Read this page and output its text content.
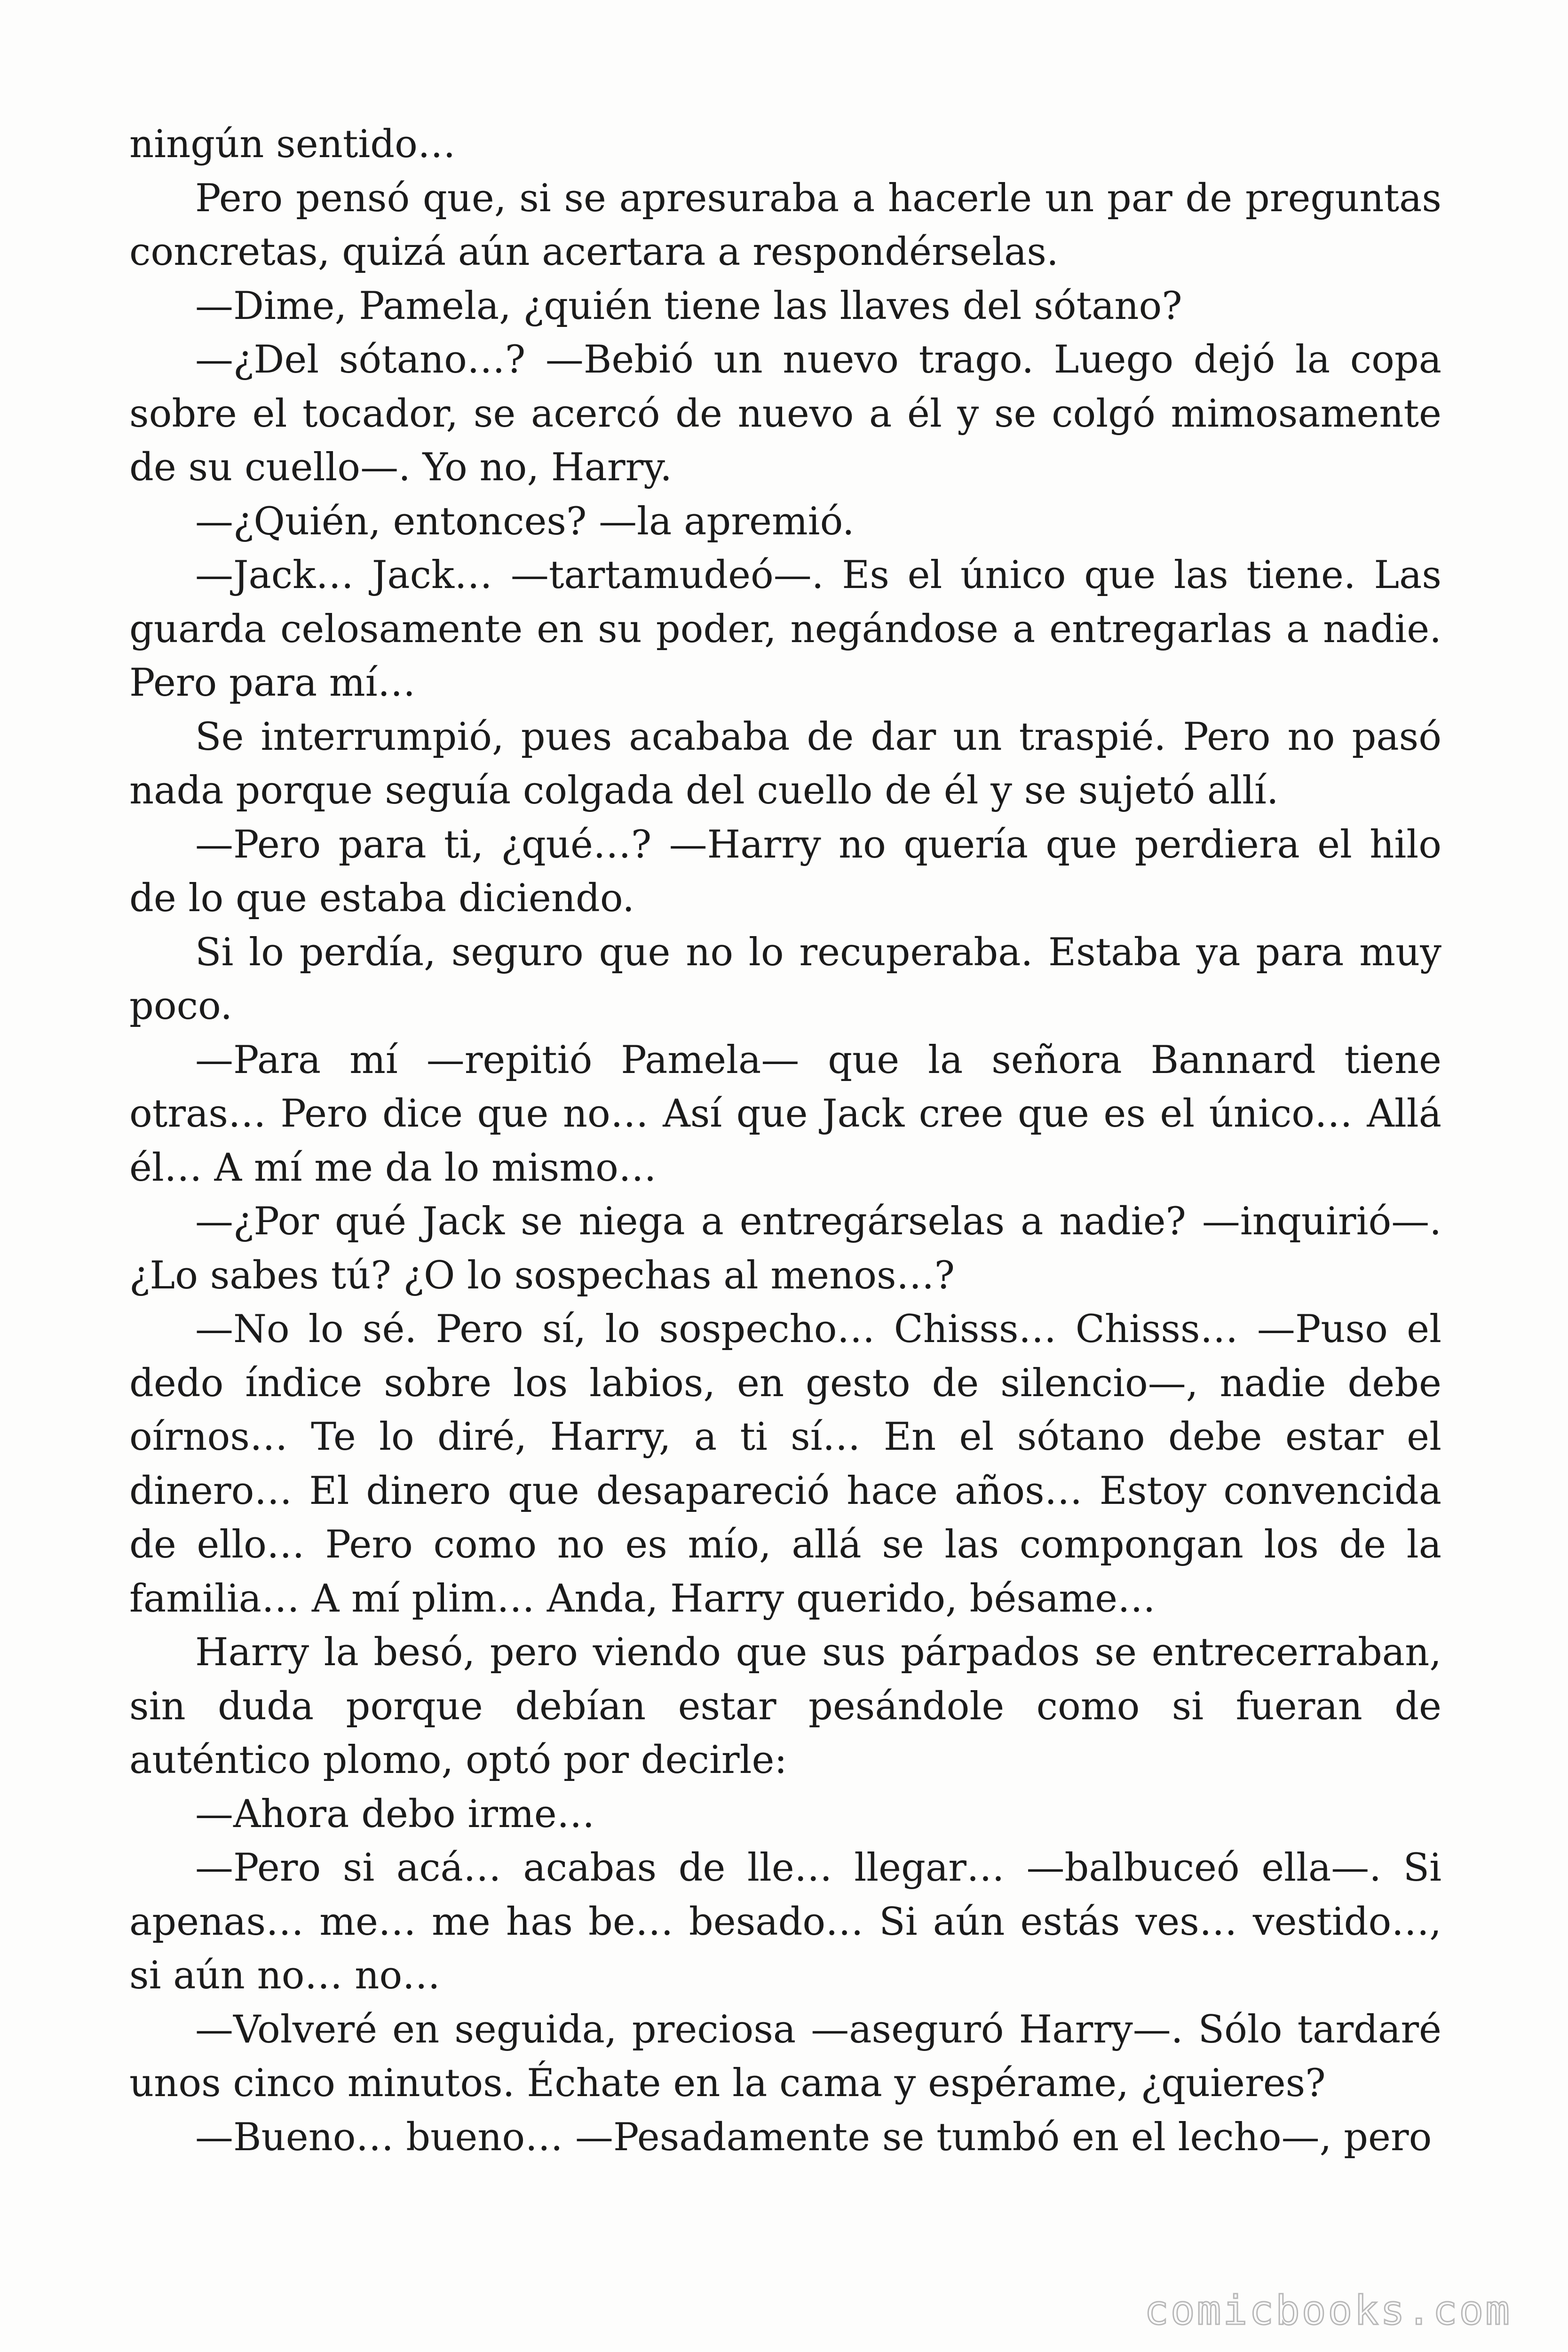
ningún sentido…

Pero pensó que, si se apresuraba a hacerle un par de preguntas concretas, quizá aún acertara a respondérselas.

—Dime, Pamela, ¿quién tiene las llaves del sótano?

—¿Del sótano…? —Bebió un nuevo trago. Luego dejó la copa sobre el tocador, se acercó de nuevo a él y se colgó mimosamente de su cuello—. Yo no, Harry.

—¿Quién, entonces? —la apremió.

—Jack… Jack… —tartamudeó—. Es el único que las tiene. Las guarda celosamente en su poder, negándose a entregarlas a nadie. Pero para mí…

Se interrumpió, pues acababa de dar un traspié. Pero no pasó nada porque seguía colgada del cuello de él y se sujetó allí.

—Pero para ti, ¿qué…? —Harry no quería que perdiera el hilo de lo que estaba diciendo.

Si lo perdía, seguro que no lo recuperaba. Estaba ya para muy poco.

—Para mí —repitió Pamela— que la señora Bannard tiene otras… Pero dice que no… Así que Jack cree que es el único… Allá él… A mí me da lo mismo…

—¿Por qué Jack se niega a entregárselas a nadie? —inquirió—. ¿Lo sabes tú? ¿O lo sospechas al menos…?

—No lo sé. Pero sí, lo sospecho… Chisss… Chisss… —Puso el dedo índice sobre los labios, en gesto de silencio—, nadie debe oírnos… Te lo diré, Harry, a ti sí… En el sótano debe estar el dinero… El dinero que desapareció hace años… Estoy convencida de ello… Pero como no es mío, allá se las compongan los de la familia… A mí plim… Anda, Harry querido, bésame…

Harry la besó, pero viendo que sus párpados se entrecerraban, sin duda porque debían estar pesándole como si fueran de auténtico plomo, optó por decirle:

—Ahora debo irme…

—Pero si acá… acabas de lle… llegar… —balbuceó ella—. Si apenas… me… me has be… besado… Si aún estás ves… vestido…, si aún no… no…

—Volveré en seguida, preciosa —aseguró Harry—. Sólo tardaré unos cinco minutos. Échate en la cama y espérame, ¿quieres?

—Bueno… bueno… —Pesadamente se tumbó en el lecho—, pero

comicbooks.com
